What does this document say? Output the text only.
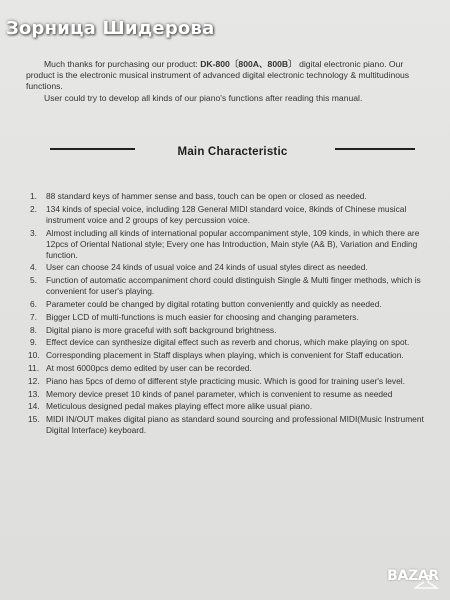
Зорница Шидерова

Much thanks for purchasing our product: DK-800〔800A、800B〕 digital electronic piano. Our product is the electronic musical instrument of advanced digital electronic technology & multitudinous functions.

User could try to develop all kinds of our piano's functions after reading this manual.

Main Characteristic
1. 88 standard keys of hammer sense and bass, touch can be open or closed as needed.
2. 134 kinds of special voice, including 128 General MIDI standard voice, 8kinds of Chinese musical instrument voice and 2 groups of key percussion voice.
3. Almost including all kinds of international popular accompaniment style, 109 kinds, in which there are 12pcs of Oriental National style; Every one has Introduction, Main style (A& B), Variation and Ending function.
4. User can choose 24 kinds of usual voice and 24 kinds of usual styles direct as needed.
5. Function of automatic accompaniment chord could distinguish Single & Multi finger methods, which is convenient for user's playing.
6. Parameter could be changed by digital rotating button conveniently and quickly as needed.
7. Bigger LCD of multi-functions is much easier for choosing and changing parameters.
8. Digital piano is more graceful with soft background brightness.
9. Effect device can synthesize digital effect such as reverb and chorus, which make playing on spot.
10. Corresponding placement in Staff displays when playing, which is convenient for Staff education.
11. At most 6000pcs demo edited by user can be recorded.
12. Piano has 5pcs of demo of different style practicing music. Which is good for training user's level.
13. Memory device preset 10 kinds of panel parameter, which is convenient to resume as needed
14. Meticulous designed pedal makes playing effect more alike usual piano.
15. MIDI IN/OUT makes digital piano as standard sound sourcing and professional MIDI(Music Instrument Digital Interface) keyboard.
BAZAR
